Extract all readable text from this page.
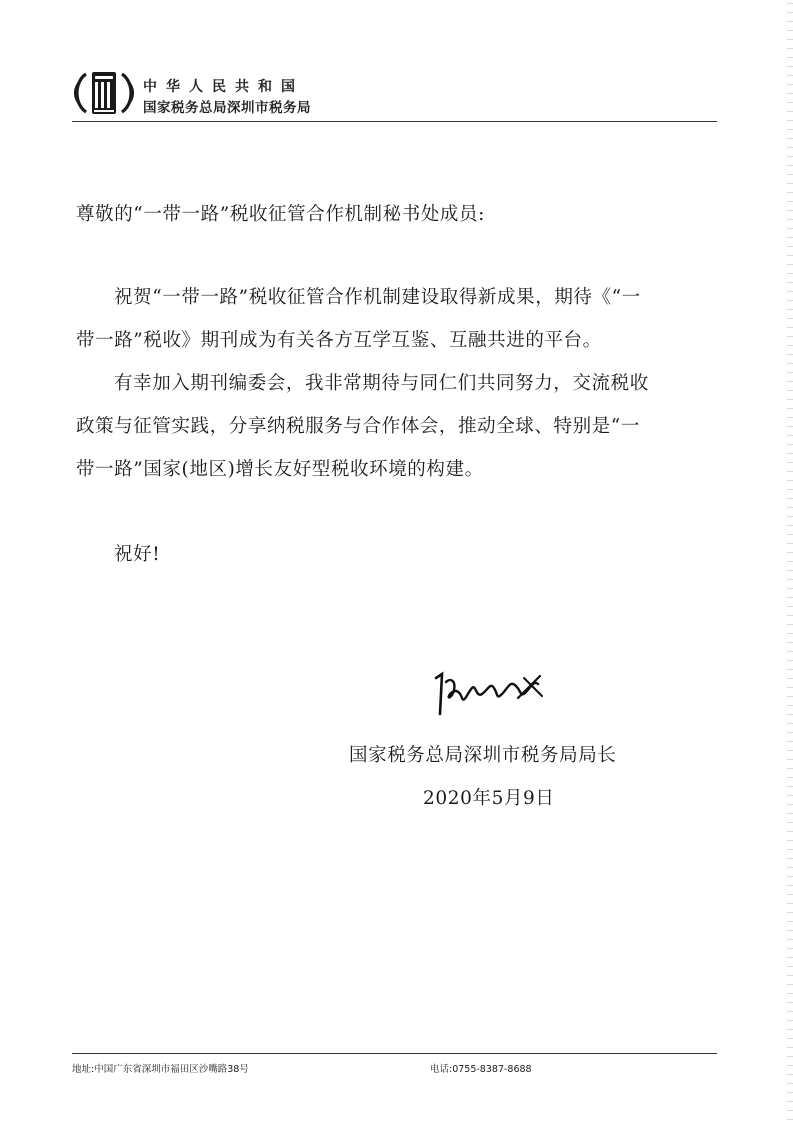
中华人民共和国
国家税务总局深圳市税务局
尊敬的“一带一路”税收征管合作机制秘书处成员:
祝贺“一带一路”税收征管合作机制建设取得新成果，期待《“一
带一路”税收》期刊成为有关各方互学互鉴、互融共进的平台。
有幸加入期刊编委会，我非常期待与同仁们共同努力，交流税收
政策与征管实践，分享纳税服务与合作体会，推动全球、特别是“一
带一路”国家(地区)增长友好型税收环境的构建。
祝好!
国家税务总局深圳市税务局局长
2020年5月9日
地址:中国广东省深圳市福田区沙嘴路38号	电话:0755-8387-8688
